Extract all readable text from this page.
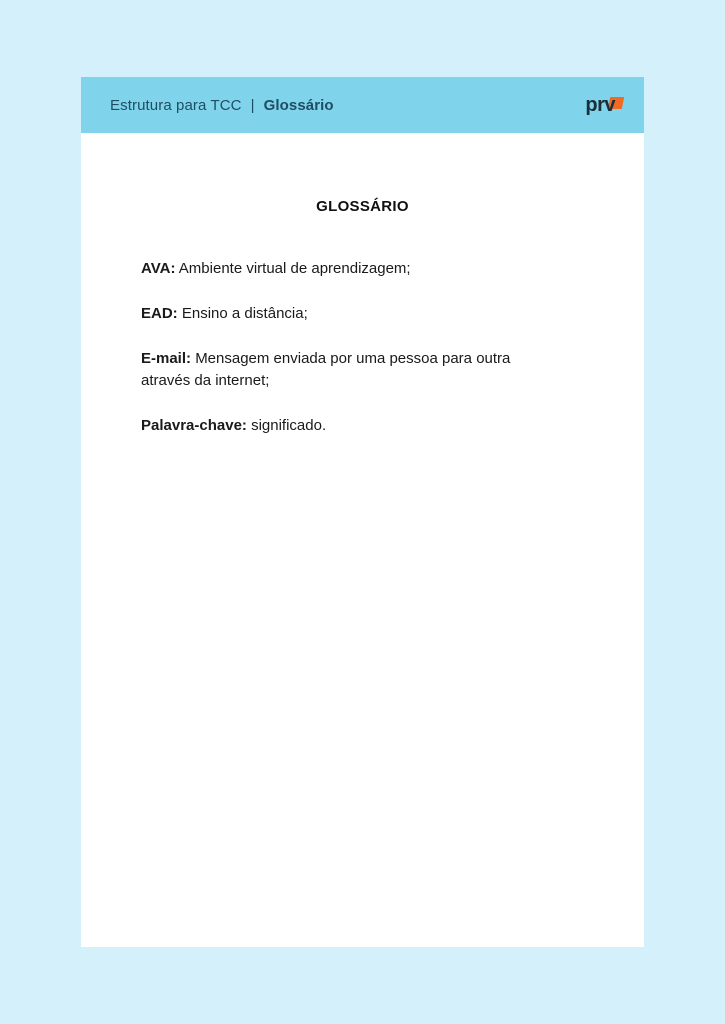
Estrutura para TCC | Glossário	prv
GLOSSÁRIO

AVA: Ambiente virtual de aprendizagem;

EAD: Ensino a distância;

E-mail: Mensagem enviada por uma pessoa para outra através da internet;

Palavra-chave: significado.
